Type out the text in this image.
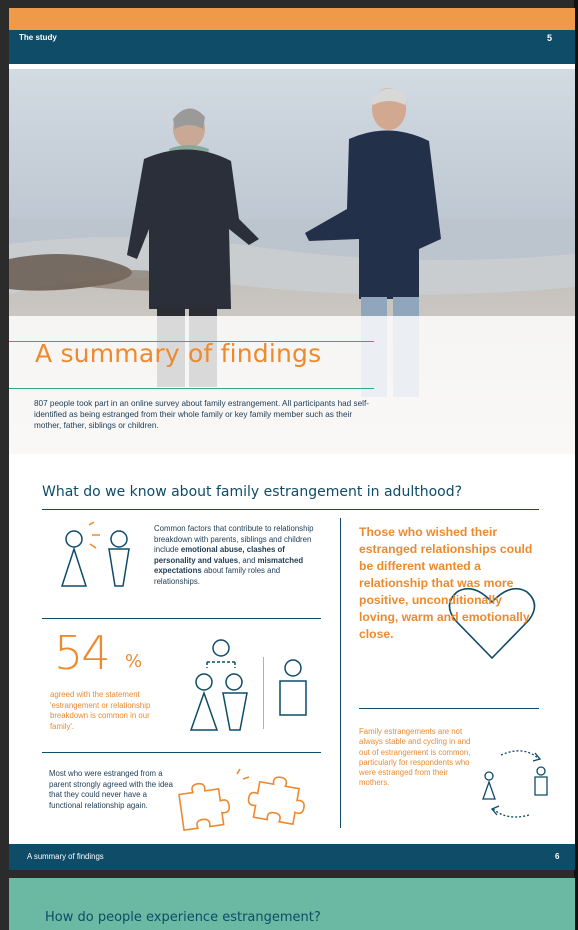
The study	5
A summary of findings
807 people took part in an online survey about family estrangement. All participants had self-identified as being estranged from their whole family or key family member such as their mother, father, siblings or children.
What do we know about family estrangement in adulthood?
Common factors that contribute to relationship breakdown with parents, siblings and children include emotional abuse, clashes of personality and values, and mismatched expectations about family roles and relationships.
54 %
agreed with the statement 'estrangement or relationship breakdown is common in our family'.
Most who were estranged from a parent strongly agreed with the idea that they could never have a functional relationship again.
Those who wished their estranged relationships could be different wanted a relationship that was more positive, unconditionally loving, warm and emotionally close.
Family estrangements are not always stable and cycling in and out of estrangement is common, particularly for respondents who were estranged from their mothers.
A summary of findings	6
How do people experience estrangement?
